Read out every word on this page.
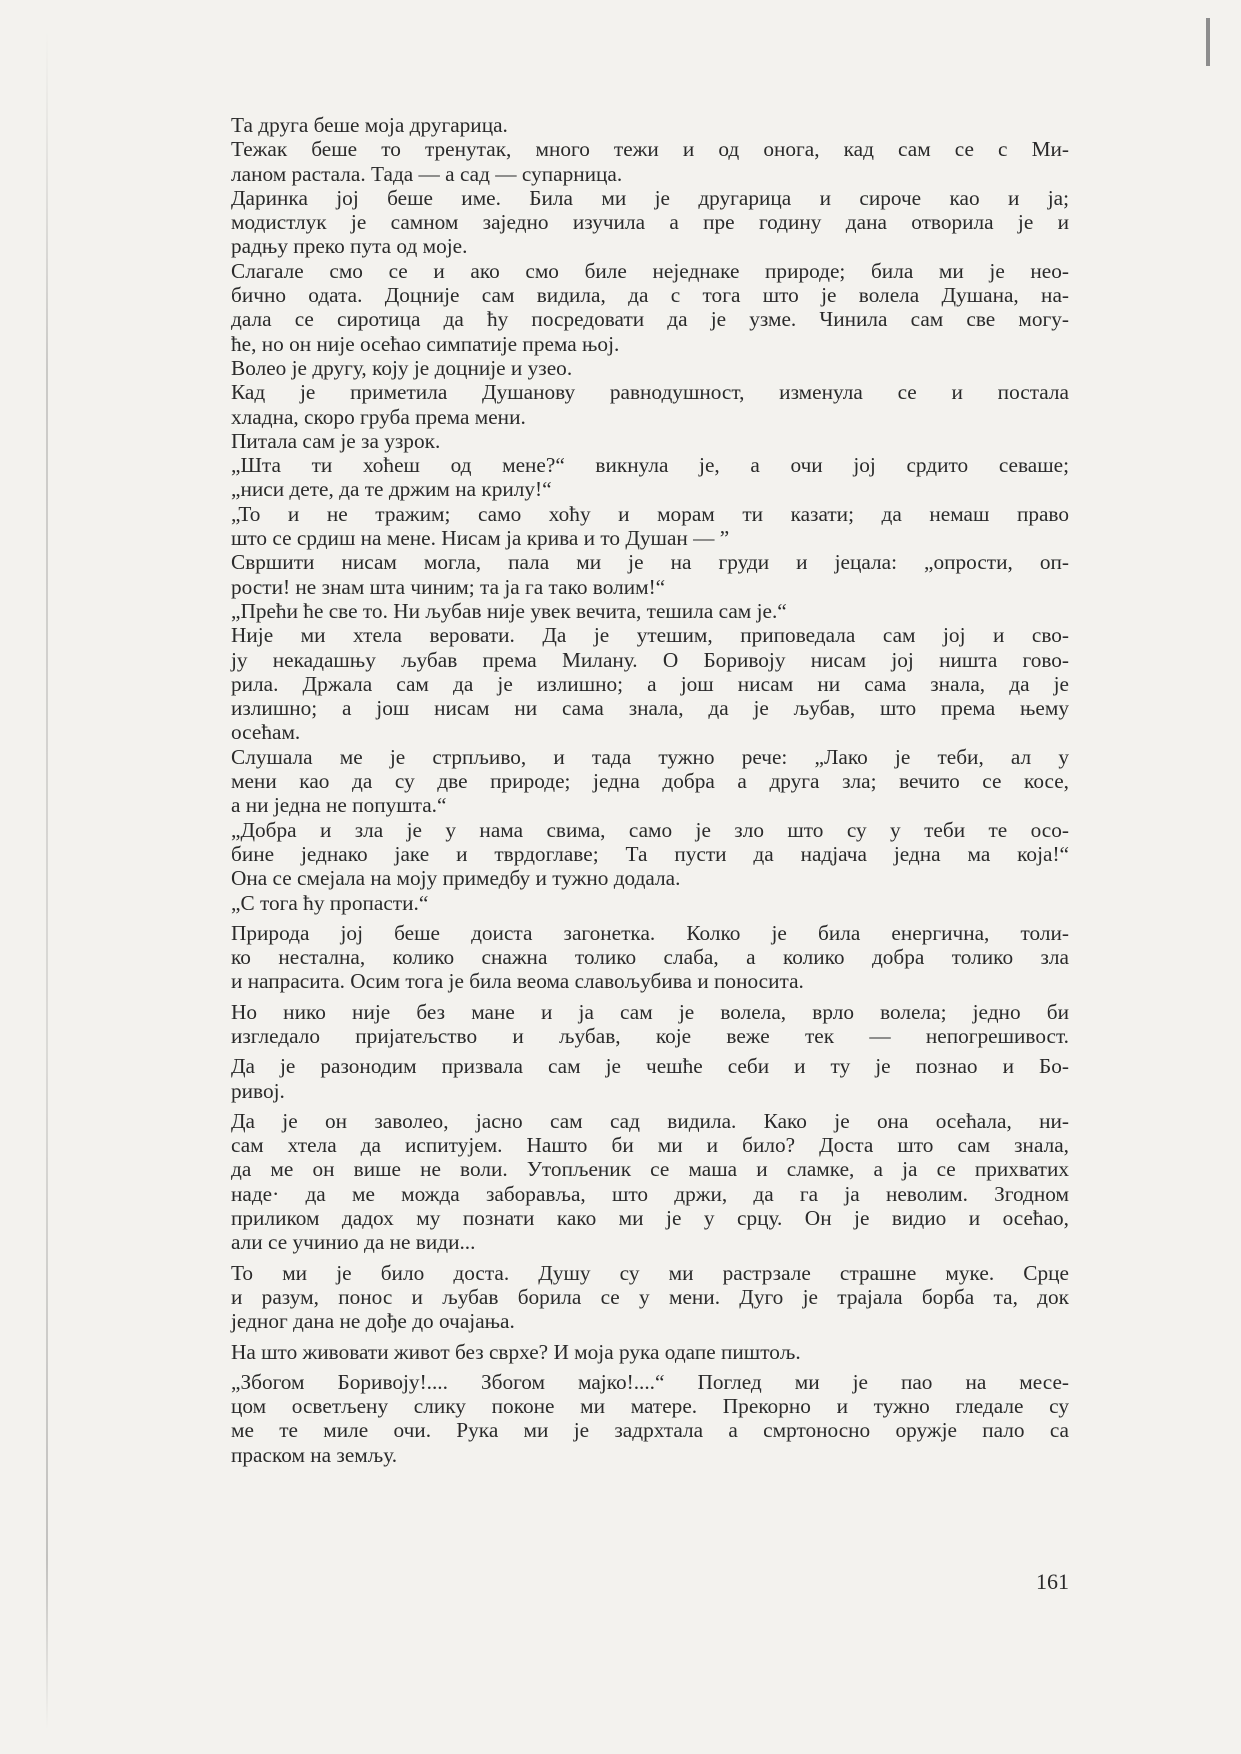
Та друга беше моја другарица.

Тежак беше то тренутак, много тежи и од онога, кад сам се с Ми-

ланом растала. Тада — а сад — супарница.

Даринка јој беше име. Била ми је другарица и сироче као и ја;

модистлук је самном заједно изучила а пре годину дана отворила је и

радњу преко пута од моје.

Слагале смо се и ако смо биле неједнаке природе; била ми је нео-

бично одата. Доцније сам видила, да с тога што је волела Душана, на-

дала се сиротица да ћу посредовати да је узме. Чинила сам све могу-

ће, но он није осећао симпатије према њој.

Волео је другу, коју је доцније и узео.

Кад је приметила Душанову равнодушност, изменула се и постала

хладна, скоро груба према мени.

Питала сам је за узрок.

„Шта ти хоћеш од мене?“ викнула је, а очи јој срдито севаше;

„ниси дете, да те држим на крилу!“

„То и не тражим; само хоћу и морам ти казати; да немаш право

што се срдиш на мене. Нисам ја крива и то Душан — ”

Свршити нисам могла, пала ми је на груди и јецала: „опрости, оп-

рости! не знам шта чиним; та ја га тако волим!“

„Прећи ће све то. Ни љубав није увек вечита, тешила сам је.“

Није ми хтела веровати. Да је утешим, приповедала сам јој и сво-

ју некадашњу љубав према Милану. О Боривоју нисам јој ништа гово-

рила. Држала сам да је излишно; а још нисам ни сама знала, да је

излишно; а још нисам ни сама знала, да је љубав, што према њему

осећам.

Слушала ме је стрпљиво, и тада тужно рече: „Лако је теби, ал у

мени као да су две природе; једна добра а друга зла; вечито се косе,

а ни једна не попушта.“

„Добра и зла је у нама свима, само је зло што су у теби те осо-

бине једнако јаке и тврдоглаве; Та пусти да надјача једна ма која!“

Она се смејала на моју примедбу и тужно додала.

„С тога ћу пропасти.“

Природа јој беше доиста загонетка. Колко је била енергична, толи-

ко нестална, колико снажна толико слаба, а колико добра толико зла

и напрасита. Осим тога је била веома славољубива и поносита.

Но нико није без мане и ја сам је волела, врло волела; једно би

изгледало пријатељство и љубав, које веже тек — непогрешивост.

Да је разонодим призвала сам је чешће себи и ту је познао и Бо-

ривој.

Да је он заволео, јасно сам сад видила. Како је она осећала, ни-

сам хтела да испитујем. Нашто би ми и било? Доста што сам знала,

да ме он више не воли. Утопљеник се маша и сламке, а ја се прихватих

наде· да ме можда заборавља, што држи, да га ја неволим. Згодном

приликом дадох му познати како ми је у срцу. Он је видио и осећао,

али се учинио да не види...

То ми је било доста. Душу су ми растрзале страшне муке. Срце

и разум, понос и љубав борила се у мени. Дуго је трајала борба та, док

једног дана не дође до очајања.

На што живовати живот без сврхе? И моја рука одапе пиштољ.

„Збогом Боривоју!.... Збогом мајко!....“ Поглед ми је пао на месе-

цом осветљену слику поконе ми матере. Прекорно и тужно гледале су

ме те миле очи. Рука ми је задрхтала а смртоносно оружје пало са

праском на земљу.

161
